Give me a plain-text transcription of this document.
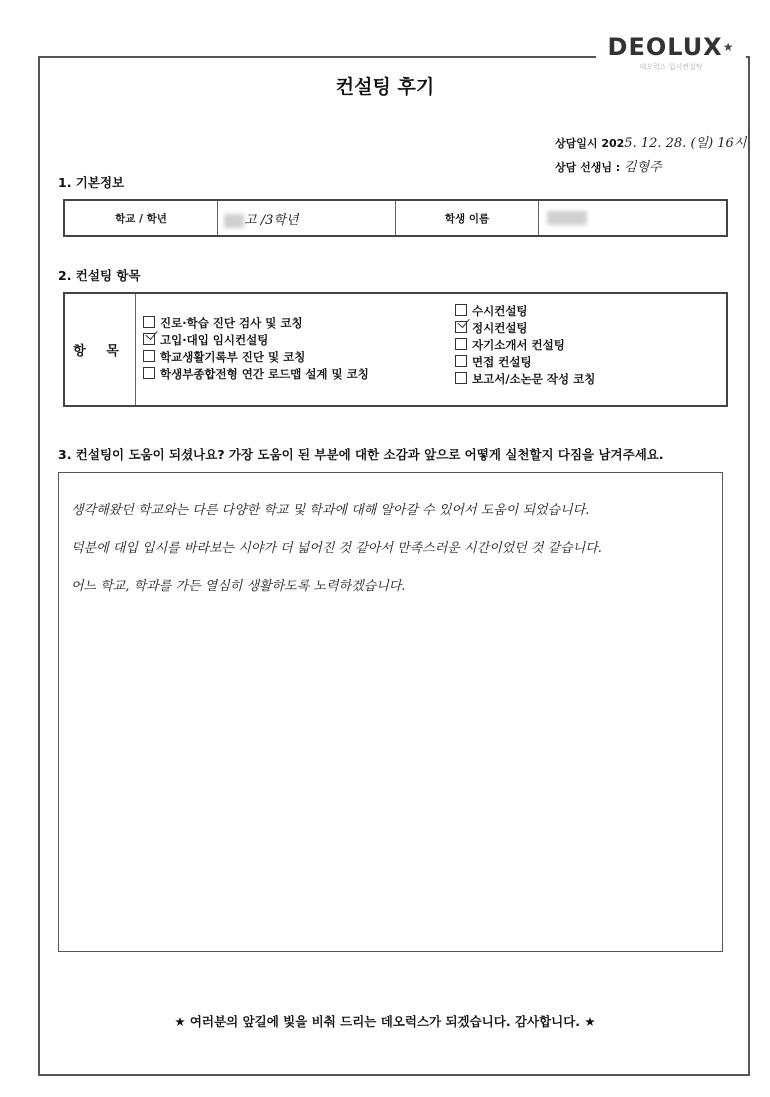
DEOLUX★
데오럭스 입시컨설팅
컨설팅 후기
상담일시 2025. 12. 28. (일) 16시
상담 선생님 : 김형주
1. 기본정보
학교 / 학년	고 /3학년	학생 이름	
2. 컨설팅 항목
항 목
진로·학습 진단 검사 및 코칭
고입·대입 임시컨설팅
학교생활기록부 진단 및 코칭
학생부종합전형 연간 로드맵 설계 및 코칭
수시컨설팅
정시컨설팅
자기소개서 컨설팅
면접 컨설팅
보고서/소논문 작성 코칭
3. 컨설팅이 도움이 되셨나요? 가장 도움이 된 부분에 대한 소감과 앞으로 어떻게 실천할지 다짐을 남겨주세요.
생각해왔던 학교와는 다른 다양한 학교 및 학과에 대해 알아갈 수 있어서 도움이 되었습니다.
덕분에 대입 입시를 바라보는 시야가 더 넓어진 것 같아서 만족스러운 시간이었던 것 같습니다.
어느 학교, 학과를 가든 열심히 생활하도록 노력하겠습니다.
★ 여러분의 앞길에 빛을 비춰 드리는 데오럭스가 되겠습니다. 감사합니다. ★
